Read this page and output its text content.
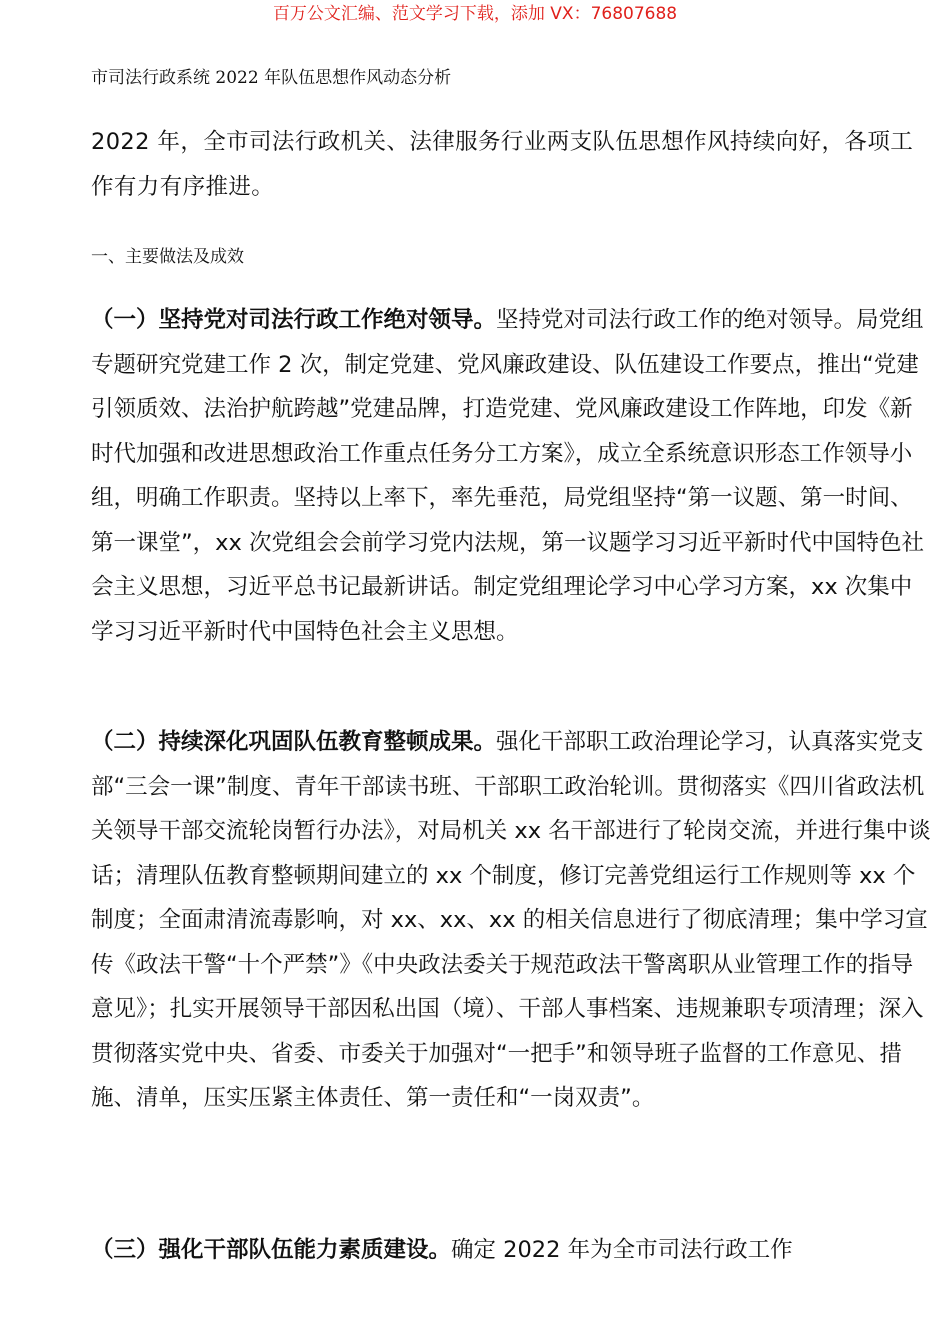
百万公文汇编、范文学习下载，添加 VX：76807688
市司法行政系统 2022 年队伍思想作风动态分析

2022 年，全市司法行政机关、法律服务行业两支队伍思想作风持续向好，各项工作有力有序推进。

一、主要做法及成效

（一）坚持党对司法行政工作绝对领导。坚持党对司法行政工作的绝对领导。局党组专题研究党建工作 2 次，制定党建、党风廉政建设、队伍建设工作要点，推出“党建引领质效、法治护航跨越”党建品牌，打造党建、党风廉政建设工作阵地，印发《新时代加强和改进思想政治工作重点任务分工方案》，成立全系统意识形态工作领导小组，明确工作职责。坚持以上率下，率先垂范，局党组坚持“第一议题、第一时间、第一课堂”，xx 次党组会会前学习党内法规，第一议题学习习近平新时代中国特色社会主义思想，习近平总书记最新讲话。制定党组理论学习中心学习方案，xx 次集中学习习近平新时代中国特色社会主义思想。

（二）持续深化巩固队伍教育整顿成果。强化干部职工政治理论学习，认真落实党支部“三会一课”制度、青年干部读书班、干部职工政治轮训。贯彻落实《四川省政法机关领导干部交流轮岗暂行办法》，对局机关 xx 名干部进行了轮岗交流，并进行集中谈话；清理队伍教育整顿期间建立的 xx 个制度，修订完善党组运行工作规则等 xx 个制度；全面肃清流毒影响，对 xx、xx、xx 的相关信息进行了彻底清理；集中学习宣传《政法干警“十个严禁”》《中央政法委关于规范政法干警离职从业管理工作的指导意见》；扎实开展领导干部因私出国（境）、干部人事档案、违规兼职专项清理；深入贯彻落实党中央、省委、市委关于加强对“一把手”和领导班子监督的工作意见、措施、清单，压实压紧主体责任、第一责任和“一岗双责”。

（三）强化干部队伍能力素质建设。确定 2022 年为全市司法行政工作
